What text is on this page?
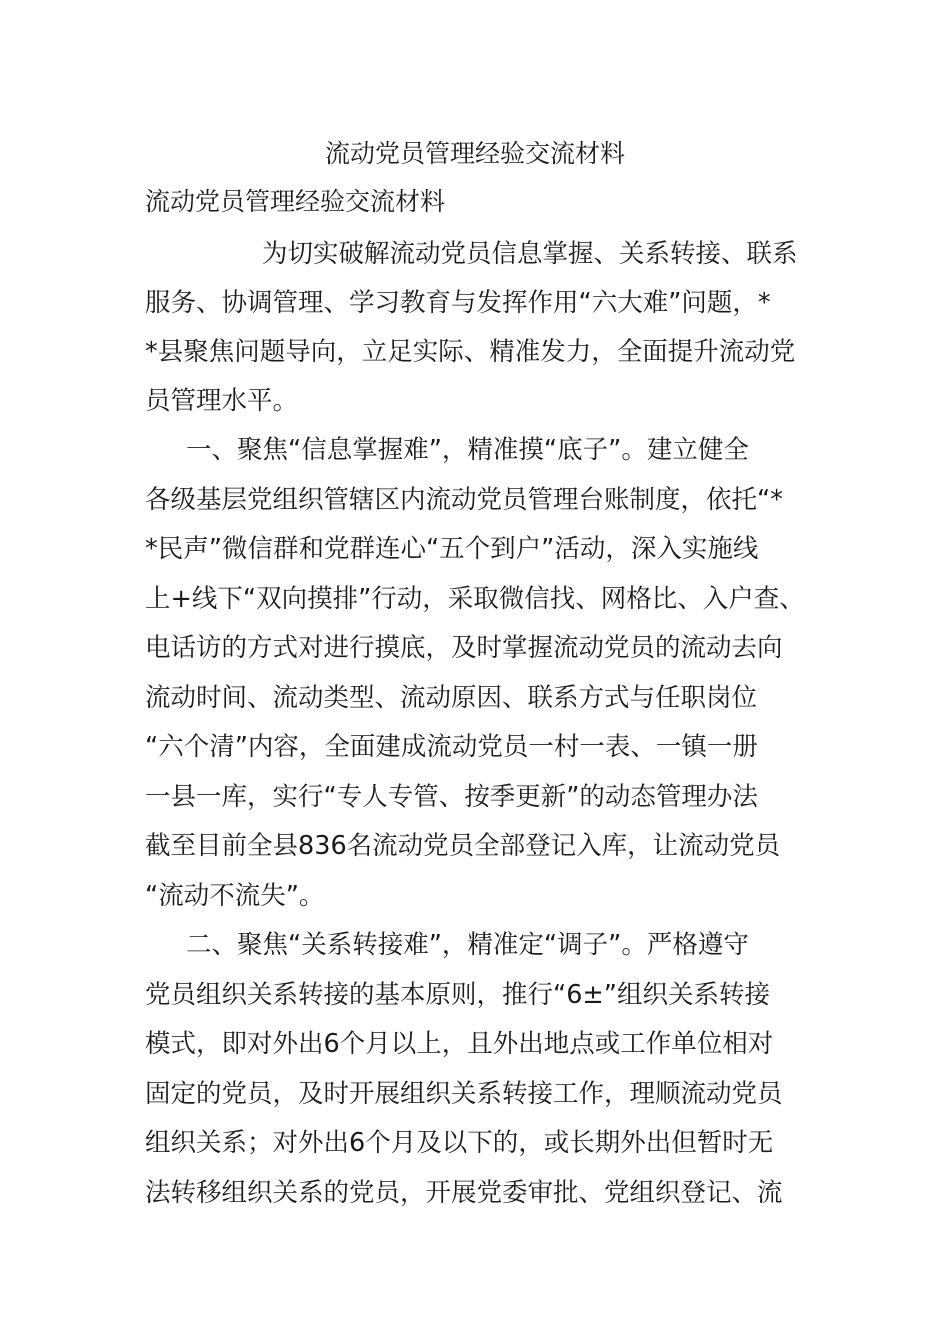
流动党员管理经验交流材料
流动党员管理经验交流材料
为切实破解流动党员信息掌握、关系转接、联系
服务、协调管理、学习教育与发挥作用“六大难”问题，*
*县聚焦问题导向，立足实际、精准发力，全面提升流动党
员管理水平。
一、聚焦“信息掌握难”，精准摸“底子”。建立健全
各级基层党组织管辖区内流动党员管理台账制度，依托“*
*民声”微信群和党群连心“五个到户”活动，深入实施线
上+线下“双向摸排”行动，采取微信找、网格比、入户查、
电话访的方式对进行摸底，及时掌握流动党员的流动去向
流动时间、流动类型、流动原因、联系方式与任职岗位
“六个清”内容，全面建成流动党员一村一表、一镇一册
一县一库，实行“专人专管、按季更新”的动态管理办法
截至目前全县836名流动党员全部登记入库，让流动党员
“流动不流失”。
二、聚焦“关系转接难”，精准定“调子”。严格遵守
党员组织关系转接的基本原则，推行“6±”组织关系转接
模式，即对外出6个月以上，且外出地点或工作单位相对
固定的党员，及时开展组织关系转接工作，理顺流动党员
组织关系；对外出6个月及以下的，或长期外出但暂时无
法转移组织关系的党员，开展党委审批、党组织登记、流
